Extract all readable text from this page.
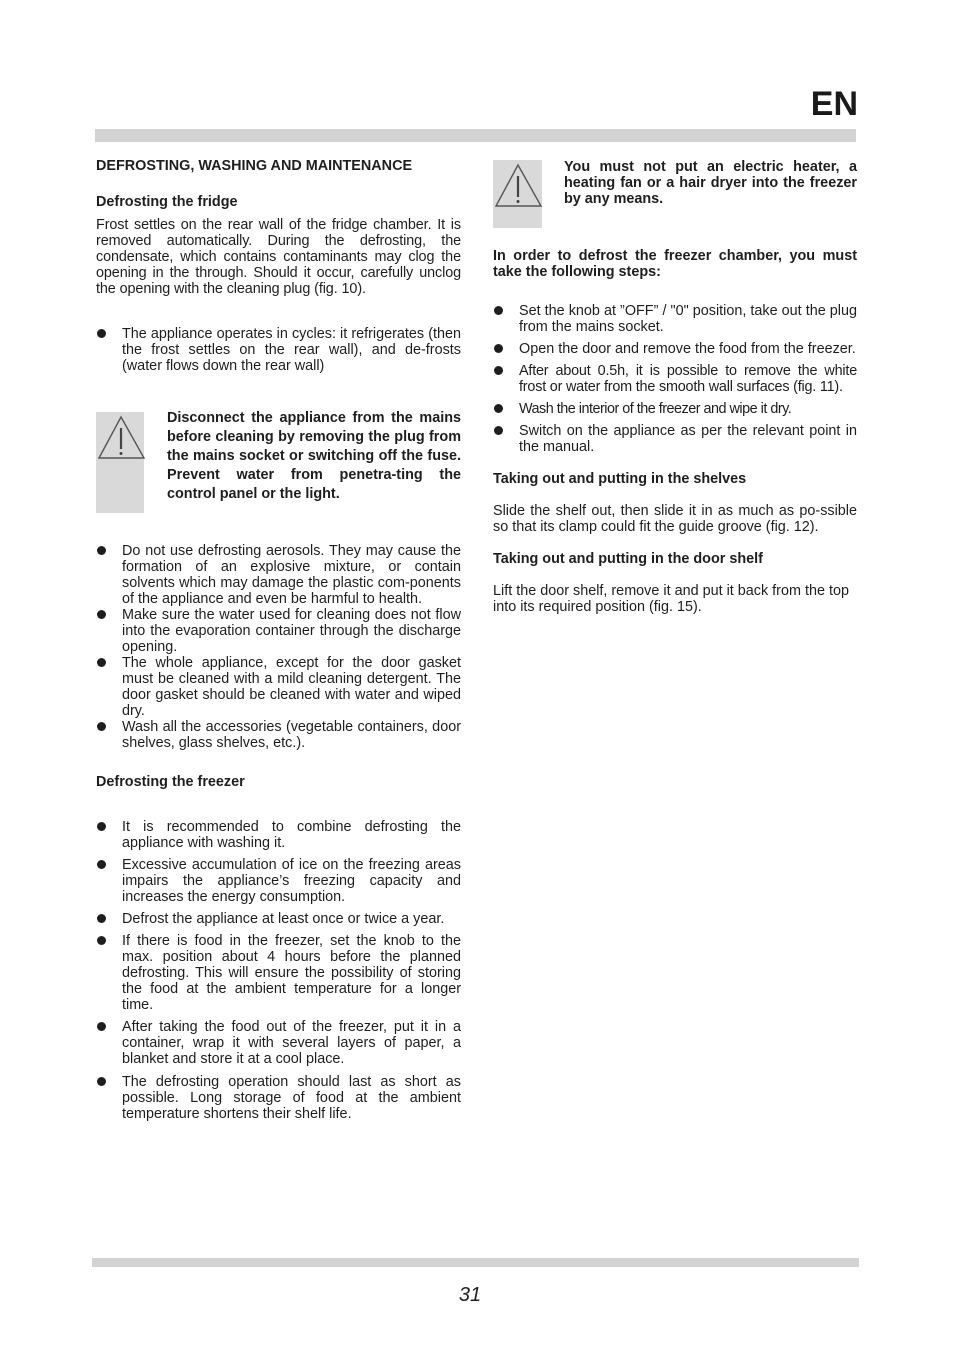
EN
DEFROSTING, WASHING AND MAINTENANCE
Defrosting the fridge

Frost settles on the rear wall of the fridge chamber. It is removed automatically. During the defrosting, the condensate, which contains contaminants may clog the opening in the through. Should it occur, carefully unclog the opening with the cleaning plug (fig. 10).

The appliance operates in cycles: it refrigerates (then the frost settles on the rear wall), and de-frosts (water flows down the rear wall)
Disconnect the appliance from the mains before cleaning by removing the plug from the mains socket or switching off the fuse. Prevent water from penetra-ting the control panel or the light.
Do not use defrosting aerosols. They may cause the formation of an explosive mixture, or contain solvents which may damage the plastic com-ponents of the appliance and even be harmful to health.
Make sure the water used for cleaning does not flow into the evaporation container through the discharge opening.
The whole appliance, except for the door gasket must be cleaned with a mild cleaning detergent. The door gasket should be cleaned with water and wiped dry.
Wash all the accessories (vegetable containers, door shelves, glass shelves, etc.).
Defrosting the freezer
It is recommended to combine defrosting the appliance with washing it.
Excessive accumulation of ice on the freezing areas impairs the appliance’s freezing capacity and increases the energy consumption.
Defrost the appliance at least once or twice a year.
If there is food in the freezer, set the knob to the max. position about 4 hours before the planned defrosting. This will ensure the possibility of storing the food at the ambient temperature for a longer time.
After taking the food out of the freezer, put it in a container, wrap it with several layers of paper, a blanket and store it at a cool place.
The defrosting operation should last as short as possible. Long storage of food at the ambient temperature shortens their shelf life.
You must not put an electric heater, a heating fan or a hair dryer into the freezer by any means.

In order to defrost the freezer chamber, you must take the following steps:

Set the knob at ”OFF” / "0" position, take out the plug from the mains socket.
Open the door and remove the food from the freezer.
After about 0.5h, it is possible to remove the white frost or water from the smooth wall surfaces (fig. 11).
Wash the interior of the freezer and wipe it dry.
Switch on the appliance as per the relevant point in the manual.
Taking out and putting in the shelves

Slide the shelf out, then slide it in as much as po-ssible so that its clamp could fit the guide groove (fig. 12).

Taking out and putting in the door shelf

Lift the door shelf, remove it and put it back from the top into its required position (fig. 15).

31
